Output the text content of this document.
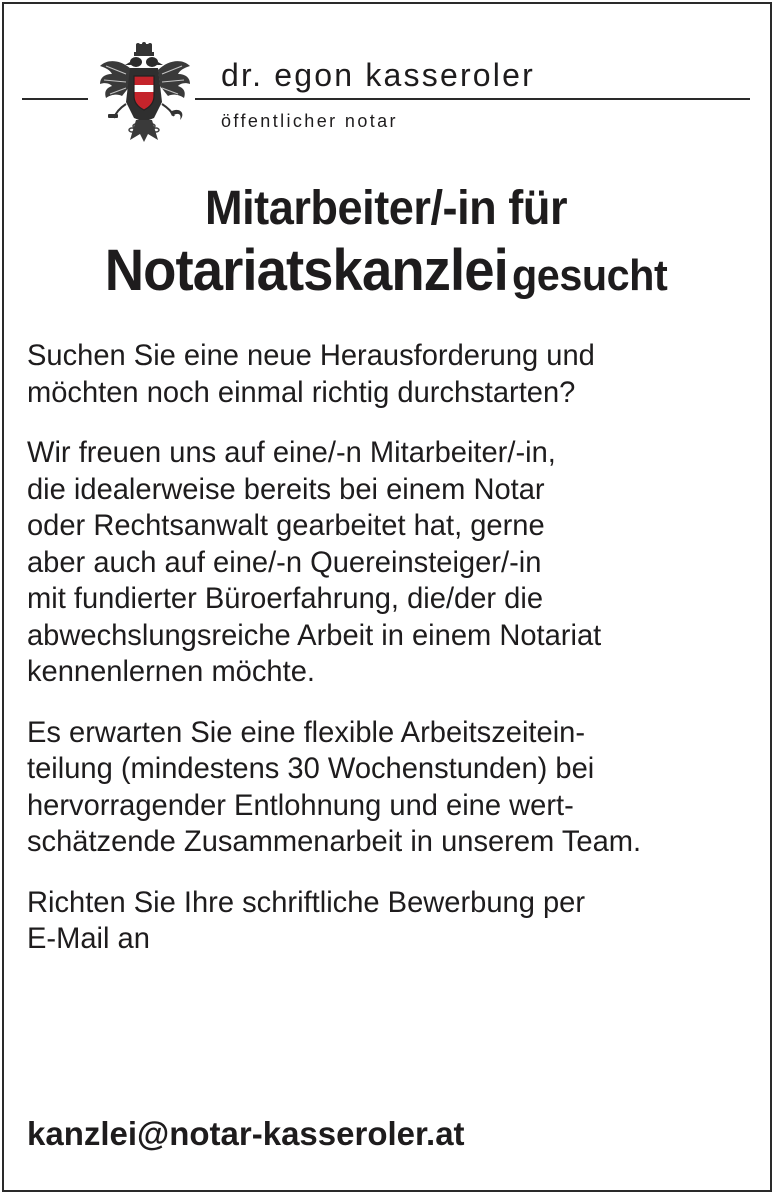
dr. egon kasseroler
öffentlicher notar
Mitarbeiter/-in für
Notariatskanzlei gesucht

Suchen Sie eine neue Herausforderung und
möchten noch einmal richtig durchstarten?

Wir freuen uns auf eine/-n Mitarbeiter/-in,
die idealerweise bereits bei einem Notar
oder Rechtsanwalt gearbeitet hat, gerne
aber auch auf eine/-n Quereinsteiger/-in
mit fundierter Büroerfahrung, die/der die
abwechslungsreiche Arbeit in einem Notariat
kennenlernen möchte.

Es erwarten Sie eine flexible Arbeitszeitein-
teilung (mindestens 30 Wochenstunden) bei
hervorragender Entlohnung und eine wert-
schätzende Zusammenarbeit in unserem Team.

Richten Sie Ihre schriftliche Bewerbung per
E-Mail an

kanzlei@notar-kasseroler.at
